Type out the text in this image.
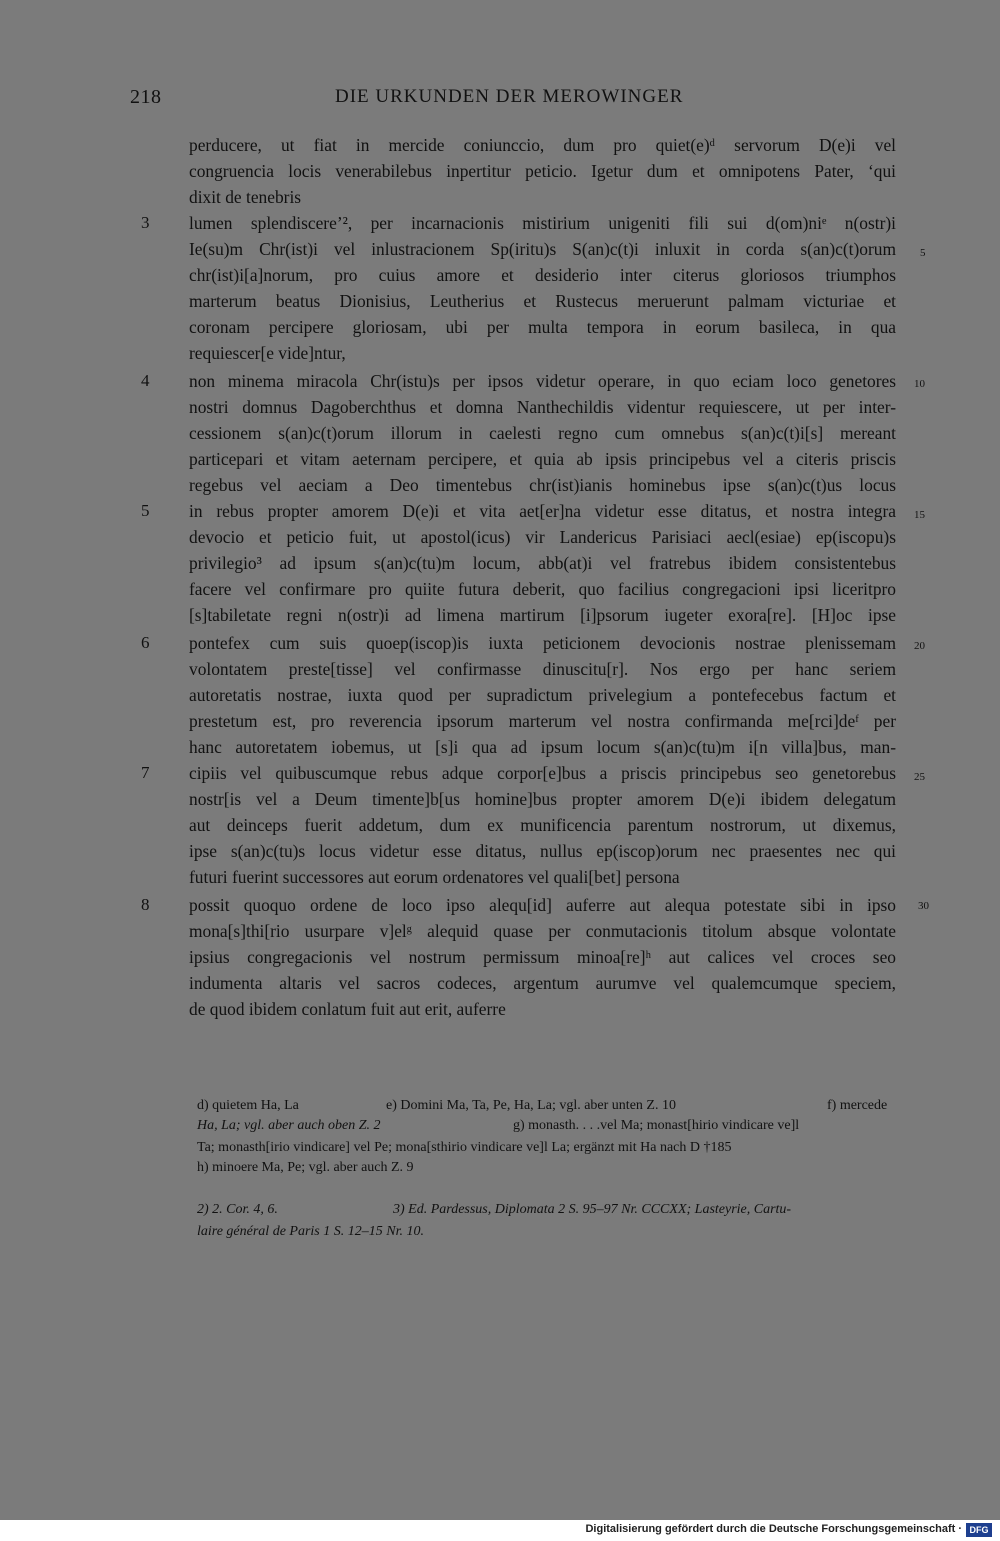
218	DIE URKUNDEN DER MEROWINGER
perducere, ut fiat in mercide coniunccio, dum pro quiet(e)ᵈ servorum D(e)i vel
congruencia locis venerabilebus inpertitur peticio. Igetur dum et omnipotens Pater, ‘qui
dixit de tenebris
lumen splendiscere’², per incarnacionis mistirium unigeniti fili sui d(om)niᵉ n(ostr)i
Ie(su)m Chr(ist)i vel inlustracionem Sp(iritu)s S(an)c(t)i inluxit in corda s(an)c(t)orum
chr(ist)i[a]norum, pro cuius amore et desiderio inter citerus gloriosos triumphos
marterum beatus Dionisius, Leutherius et Rustecus meruerunt palmam victuriae et
coronam percipere gloriosam, ubi per multa tempora in eorum basileca, in qua
requiescer[e vide]ntur,
non minema miracola Chr(istu)s per ipsos videtur operare, in quo eciam loco genetores
nostri domnus Dagoberchthus et domna Nanthechildis videntur requiescere, ut per inter-
cessionem s(an)c(t)orum illorum in caelesti regno cum omnebus s(an)c(t)i[s] mereant
particepari et vitam aeternam percipere, et quia ab ipsis principebus vel a citeris priscis
regebus vel aeciam a Deo timentebus chr(ist)ianis hominebus ipse s(an)c(t)us locus
in rebus propter amorem D(e)i et vita aet[er]na videtur esse ditatus, et nostra integra
devocio et peticio fuit, ut apostol(icus) vir Landericus Parisiaci aecl(esiae) ep(iscopu)s
privilegio³ ad ipsum s(an)c(tu)m locum, abb(at)i vel fratrebus ibidem consistentebus
facere vel confirmare pro quiite futura deberit, quo facilius congregacioni ipsi liceritpro
[s]tabiletate regni n(ostr)i ad limena martirum [i]psorum iugeter exora[re]. [H]oc ipse
pontefex cum suis quoep(iscop)is iuxta peticionem devocionis nostrae plenissemam
volontatem preste[tisse] vel confirmasse dinuscitu[r]. Nos ergo per hanc seriem
autoretatis nostrae, iuxta quod per supradictum privelegium a pontefecebus factum et
prestetum est, pro reverencia ipsorum marterum vel nostra confirmanda me[rci]deᶠ per
hanc autoretatem iobemus, ut [s]i qua ad ipsum locum s(an)c(tu)m i[n villa]bus, man-
cipiis vel quibuscumque rebus adque corpor[e]bus a priscis principebus seo genetorebus
nostr[is vel a Deum timente]b[us homine]bus propter amorem D(e)i ibidem delegatum
aut deinceps fuerit addetum, dum ex munificencia parentum nostrorum, ut dixemus,
ipse s(an)c(tu)s locus videtur esse ditatus, nullus ep(iscop)orum nec praesentes nec qui
futuri fuerint successores aut eorum ordenatores vel quali[bet] persona
possit quoquo ordene de loco ipso alequ[id] auferre aut alequa potestate sibi in ipso
mona[s]thi[rio usurpare v]elᵍ alequid quase per conmutacionis titolum absque volontate
ipsius congregacionis vel nostrum permissum minoa[re]ʰ aut calices vel croces seo
indumenta altaris vel sacros codeces, argentum aurumve vel qualemcumque speciem,
de quod ibidem conlatum fuit aut erit, auferre
3
4
5
6
7
8
5
10
15
20
25
30
d) quietem Ha, La	e) Domini Ma, Ta, Pe, Ha, La; vgl. aber unten Z. 10	f) mercede
Ha, La; vgl. aber auch oben Z. 2	g) monasth. . . .vel Ma; monast[hirio vindicare ve]l
Ta; monasth[irio vindicare] vel Pe; mona[sthirio vindicare ve]l La; ergänzt mit Ha nach D †185
h) minoere Ma, Pe; vgl. aber auch Z. 9
2) 2. Cor. 4, 6.	3) Ed. Pardessus, Diplomata 2 S. 95–97 Nr. CCCXX; Lasteyrie, Cartu-
laire général de Paris 1 S. 12–15 Nr. 10.
Digitalisierung gefördert durch die Deutsche Forschungsgemeinschaft · DFG
